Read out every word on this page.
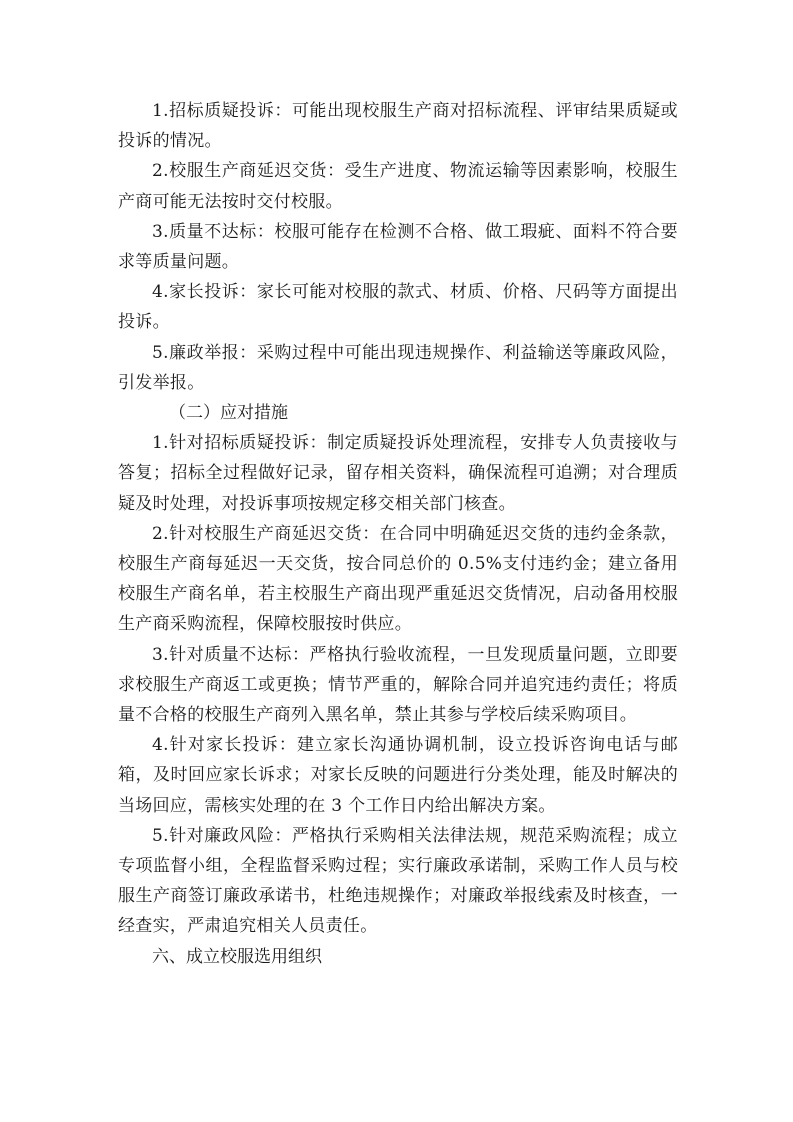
1.招标质疑投诉：可能出现校服生产商对招标流程、评审结果质疑或投诉的情况。

2.校服生产商延迟交货：受生产进度、物流运输等因素影响，校服生产商可能无法按时交付校服。

3.质量不达标：校服可能存在检测不合格、做工瑕疵、面料不符合要求等质量问题。

4.家长投诉：家长可能对校服的款式、材质、价格、尺码等方面提出投诉。

5.廉政举报：采购过程中可能出现违规操作、利益输送等廉政风险，引发举报。

（二）应对措施

1.针对招标质疑投诉：制定质疑投诉处理流程，安排专人负责接收与答复；招标全过程做好记录，留存相关资料，确保流程可追溯；对合理质疑及时处理，对投诉事项按规定移交相关部门核查。

2.针对校服生产商延迟交货：在合同中明确延迟交货的违约金条款，校服生产商每延迟一天交货，按合同总价的 0.5%支付违约金；建立备用校服生产商名单，若主校服生产商出现严重延迟交货情况，启动备用校服生产商采购流程，保障校服按时供应。

3.针对质量不达标：严格执行验收流程，一旦发现质量问题，立即要求校服生产商返工或更换；情节严重的，解除合同并追究违约责任；将质量不合格的校服生产商列入黑名单，禁止其参与学校后续采购项目。

4.针对家长投诉：建立家长沟通协调机制，设立投诉咨询电话与邮箱，及时回应家长诉求；对家长反映的问题进行分类处理，能及时解决的当场回应，需核实处理的在 3 个工作日内给出解决方案。

5.针对廉政风险：严格执行采购相关法律法规，规范采购流程；成立专项监督小组，全程监督采购过程；实行廉政承诺制，采购工作人员与校服生产商签订廉政承诺书，杜绝违规操作；对廉政举报线索及时核查，一经查实，严肃追究相关人员责任。

六、成立校服选用组织
